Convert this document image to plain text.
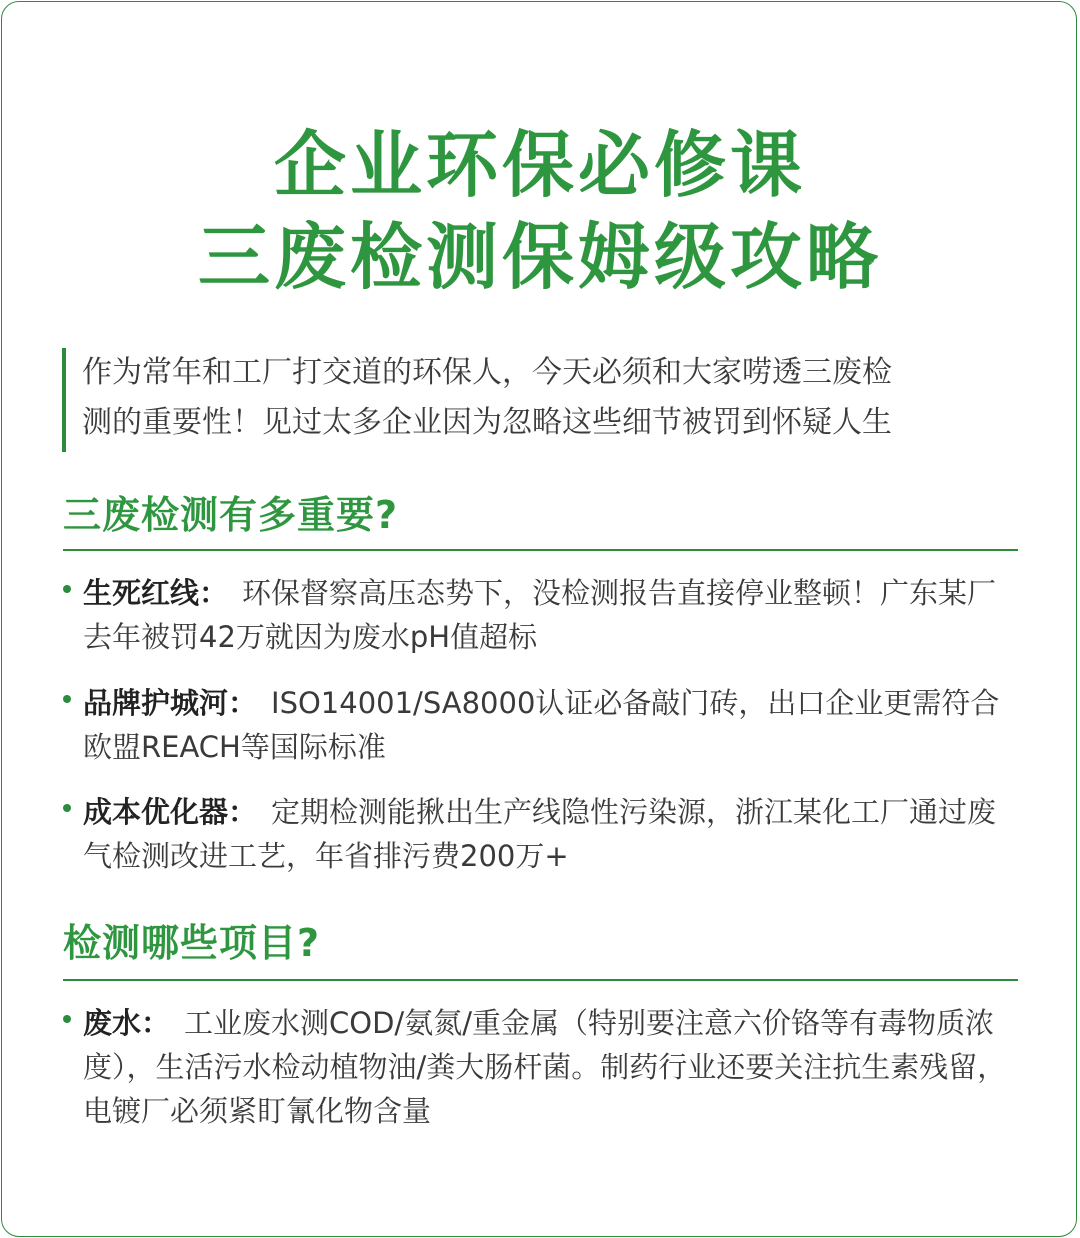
企业环保必修课
三废检测保姆级攻略
作为常年和工厂打交道的环保人，今天必须和大家唠透三废检
测的重要性！见过太多企业因为忽略这些细节被罚到怀疑人生
三废检测有多重要?
生死红线： 环保督察高压态势下，没检测报告直接停业整顿！广东某厂去年被罚42万就因为废水pH值超标
品牌护城河： ISO14001/SA8000认证必备敲门砖，出口企业更需符合欧盟REACH等国际标准
成本优化器： 定期检测能揪出生产线隐性污染源，浙江某化工厂通过废气检测改进工艺，年省排污费200万+
检测哪些项目?
废水： 工业废水测COD/氨氮/重金属（特别要注意六价铬等有毒物质浓度），生活污水检动植物油/粪大肠杆菌。制药行业还要关注抗生素残留，电镀厂必须紧盯氰化物含量
